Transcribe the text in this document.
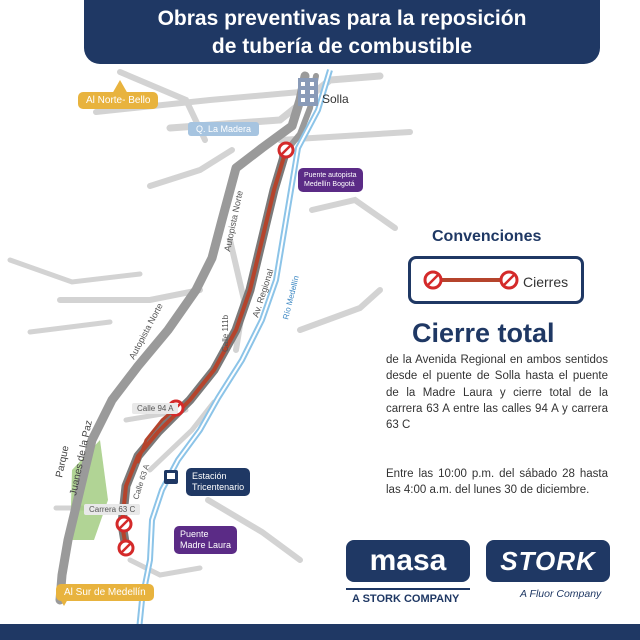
Autopista Norte
Autopista Norte
Av. Regional Río Medellín
Calle 111b
Calle 63 A
Parque
Juanes de la Paz
Obras preventivas para la reposición
de tubería de combustible
Al Norte- Bello
Al Sur de Medellín
Solla
Q. La Madera
Puente autopista
Medellín Bogotá
Calle 94 A
Carrera 63 C
Estación
Tricentenario
Puente
Madre Laura
Convenciones
Cierres
Cierre total
de la Avenida Regional en ambos sentidos desde el puente de Solla hasta el puente de la Madre Laura y cierre total de la carrera 63 A entre las calles 94 A y carrera 63 C
Entre las 10:00 p.m. del sábado 28 hasta las 4:00 a.m. del lunes 30 de diciembre.
masa
A STORK COMPANY
STORK
A Fluor Company
